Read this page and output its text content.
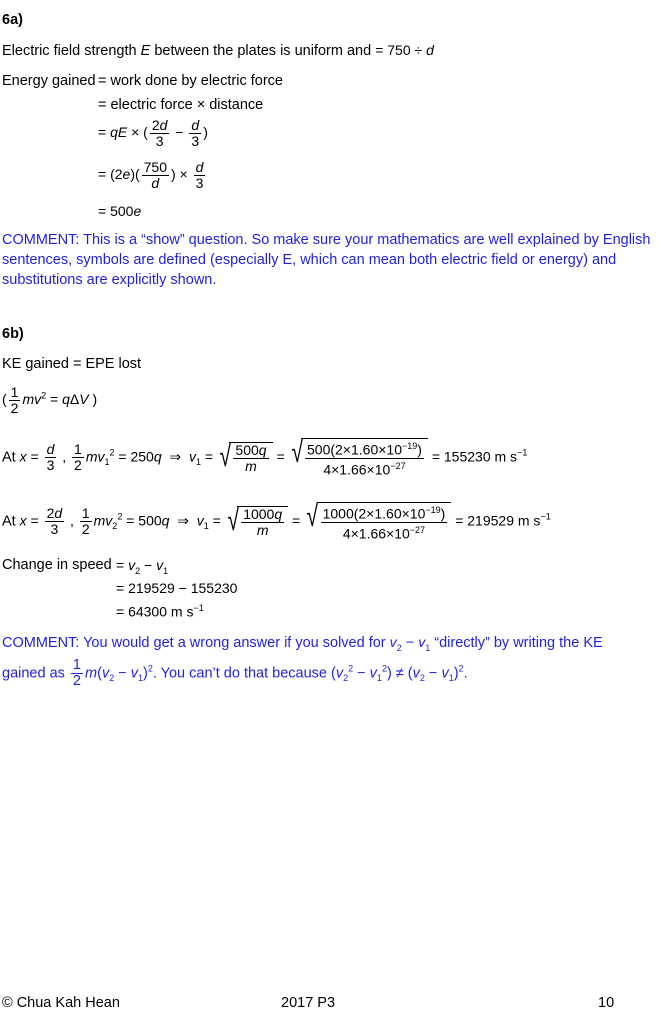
6a)
Electric field strength E between the plates is uniform and = 750 ÷ d
Energy gained = work done by electric force
= electric force × distance
= qE × ( $\frac{2d}{3} - \frac{d}{3}$ )
= $(2e)( \frac{750}{d}$ ) × $\frac{d}{3}$
= 500e
COMMENT: This is a “show” question. So make sure your mathematics are well explained by English sentences, symbols are defined (especially E, which can mean both electric field or energy) and substitutions are explicitly shown.
6b)
KE gained = EPE lost
( $\frac{1}{2} mv^2 = q\Delta V$ )
At $x = \frac{d}{3}$ , $\frac{1}{2} mv_1^2 = 250q$  ⇒  $v_1$ = √ $\frac{500q}{m}$ = √ $\frac{500(2\times 1.60\times 10^{-19})}{4\times 1.66\times 10^{-27}} = 155230$ m $s^{-1}$
At $x = \frac{2d}{3}$ , $\frac{1}{2} mv_2^2 = 500q$  ⇒  $v_1$ = √ $\frac{1000q}{m}$ = √ $\frac{1000(2\times 1.60\times 10^{-19})}{4\times 1.66\times 10^{-27}} = 219529$ m $s^{-1}$
Change in speed = $v_2 - v_1$
= 219529 − 155230
= 64300 m $s^{-1}$
COMMENT: You would get a wrong answer if you solved for $v_2 - v_1$ “directly” by writing the KE
gained as $\frac{1}{2} m(v_2 - v_1)^2$. You can’t do that because $(v_2^2 - v_1^2) \ne (v_2 - v_1)^2$.
© Chua Kah Hean	2017 P3	10
